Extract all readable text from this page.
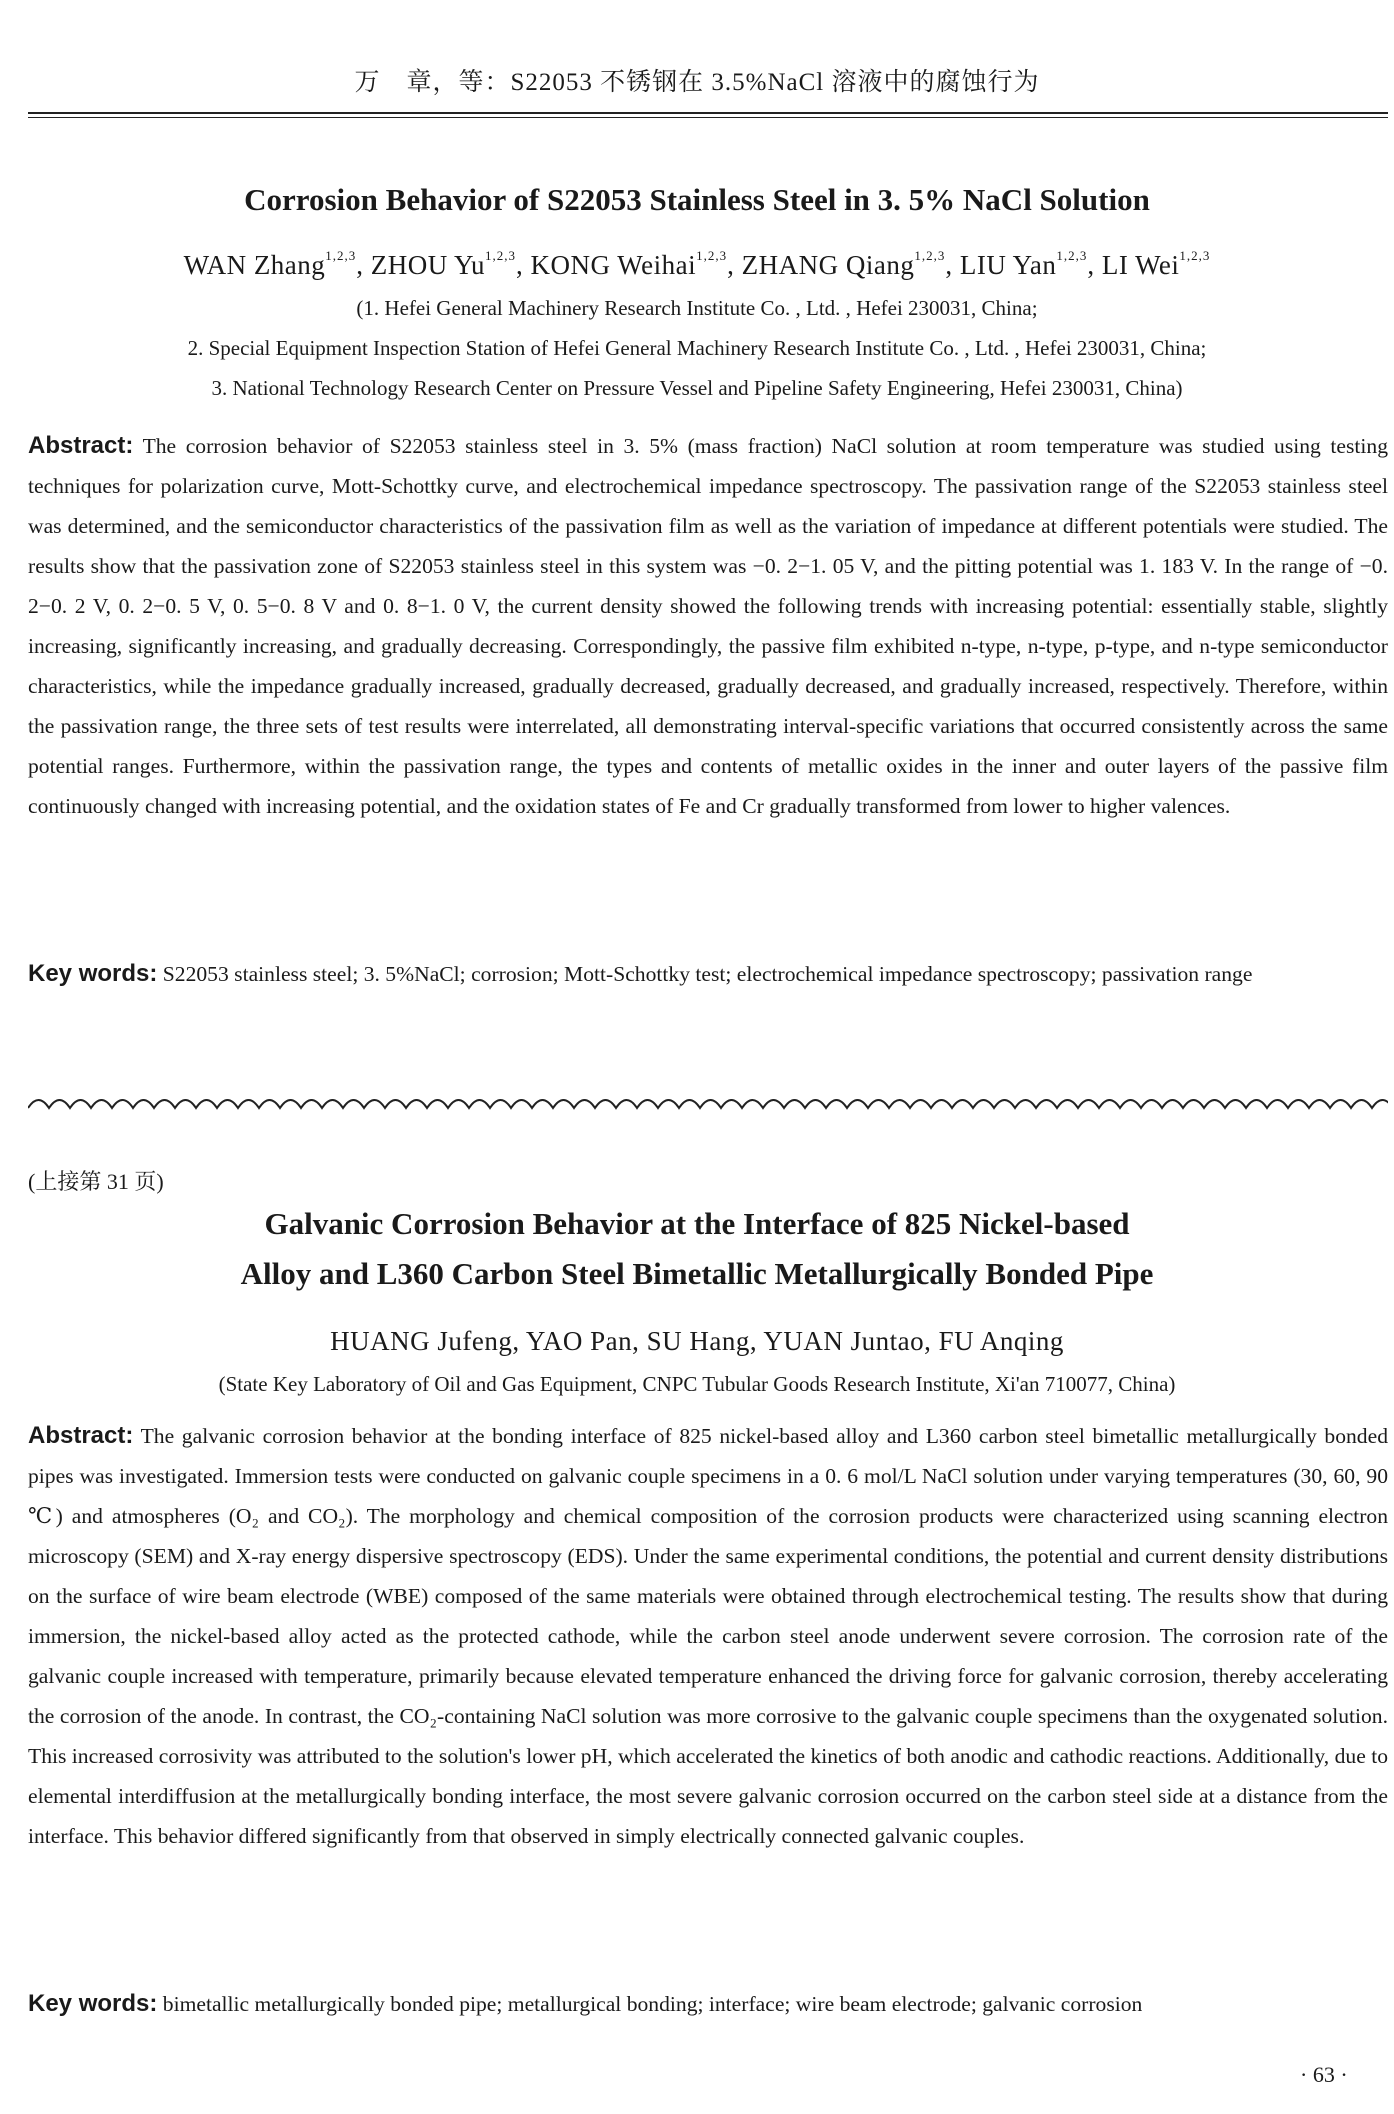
万　章，等：S22053 不锈钢在 3.5%NaCl 溶液中的腐蚀行为
Corrosion Behavior of S22053 Stainless Steel in 3. 5% NaCl Solution
WAN Zhang$^{1,2,3}$, ZHOU Yu$^{1,2,3}$, KONG Weihai$^{1,2,3}$, ZHANG Qiang$^{1,2,3}$, LIU Yan$^{1,2,3}$, LI Wei$^{1,2,3}$
(1. Hefei General Machinery Research Institute Co. , Ltd. , Hefei 230031, China;
2. Special Equipment Inspection Station of Hefei General Machinery Research Institute Co. , Ltd. , Hefei 230031, China;
3. National Technology Research Center on Pressure Vessel and Pipeline Safety Engineering, Hefei 230031, China)
Abstract: The corrosion behavior of S22053 stainless steel in 3. 5% (mass fraction) NaCl solution at room temperature was studied using testing techniques for polarization curve, Mott-Schottky curve, and electrochemical impedance spectroscopy. The passivation range of the S22053 stainless steel was determined, and the semiconductor characteristics of the passivation film as well as the variation of impedance at different potentials were studied. The results show that the passivation zone of S22053 stainless steel in this system was −0. 2−1. 05 V, and the pitting potential was 1. 183 V. In the range of −0. 2−0. 2 V, 0. 2−0. 5 V, 0. 5−0. 8 V and 0. 8−1. 0 V, the current density showed the following trends with increasing potential: essentially stable, slightly increasing, significantly increasing, and gradually decreasing. Correspondingly, the passive film exhibited n-type, n-type, p-type, and n-type semiconductor characteristics, while the impedance gradually increased, gradually decreased, gradually decreased, and gradually increased, respectively. Therefore, within the passivation range, the three sets of test results were interrelated, all demonstrating interval-specific variations that occurred consistently across the same potential ranges. Furthermore, within the passivation range, the types and contents of metallic oxides in the inner and outer layers of the passive film continuously changed with increasing potential, and the oxidation states of Fe and Cr gradually transformed from lower to higher valences.
Key words: S22053 stainless steel; 3. 5%NaCl; corrosion; Mott-Schottky test; electrochemical impedance spectroscopy; passivation range
(上接第 31 页)
Galvanic Corrosion Behavior at the Interface of 825 Nickel-based
Alloy and L360 Carbon Steel Bimetallic Metallurgically Bonded Pipe
HUANG Jufeng, YAO Pan, SU Hang, YUAN Juntao, FU Anqing
(State Key Laboratory of Oil and Gas Equipment, CNPC Tubular Goods Research Institute, Xi'an 710077, China)
Abstract: The galvanic corrosion behavior at the bonding interface of 825 nickel-based alloy and L360 carbon steel bimetallic metallurgically bonded pipes was investigated. Immersion tests were conducted on galvanic couple specimens in a 0. 6 mol/L NaCl solution under varying temperatures (30, 60, 90 ℃) and atmospheres (O₂ and CO₂). The morphology and chemical composition of the corrosion products were characterized using scanning electron microscopy (SEM) and X-ray energy dispersive spectroscopy (EDS). Under the same experimental conditions, the potential and current density distributions on the surface of wire beam electrode (WBE) composed of the same materials were obtained through electrochemical testing. The results show that during immersion, the nickel-based alloy acted as the protected cathode, while the carbon steel anode underwent severe corrosion. The corrosion rate of the galvanic couple increased with temperature, primarily because elevated temperature enhanced the driving force for galvanic corrosion, thereby accelerating the corrosion of the anode. In contrast, the CO₂-containing NaCl solution was more corrosive to the galvanic couple specimens than the oxygenated solution. This increased corrosivity was attributed to the solution's lower pH, which accelerated the kinetics of both anodic and cathodic reactions. Additionally, due to elemental interdiffusion at the metallurgically bonding interface, the most severe galvanic corrosion occurred on the carbon steel side at a distance from the interface. This behavior differed significantly from that observed in simply electrically connected galvanic couples.
Key words: bimetallic metallurgically bonded pipe; metallurgical bonding; interface; wire beam electrode; galvanic corrosion
· 63 ·
